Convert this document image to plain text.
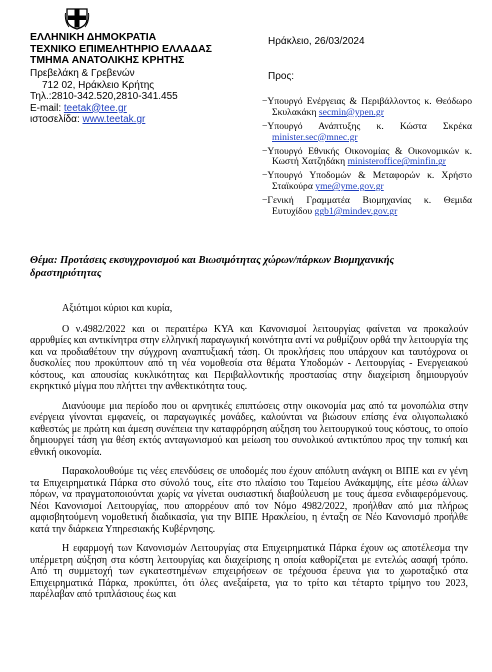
ΕΛΛΗΝΙΚΗ ΔΗΜΟΚΡΑΤΙΑ
ΤΕΧΝΙΚΟ ΕΠΙΜΕΛΗΤΗΡΙΟ ΕΛΛΑΔΑΣ
ΤΜΗΜΑ ΑΝΑΤΟΛΙΚΗΣ ΚΡΗΤΗΣ
Πρεβελάκη & Γρεβενών
712 02, Ηράκλειο Κρήτης
Τηλ.:2810-342.520,2810-341.455
E-mail: teetak@tee.gr
ιστοσελίδα: www.teetak.gr
Ηράκλειο, 26/03/2024
Προς:

−Υπουργό Ενέργειας & Περιβάλλοντος κ. Θεόδωρο Σκυλακάκη secmin@ypen.gr

−Υπουργό Ανάπτυξης κ. Κώστα Σκρέκα minister.sec@mnec.gr

−Υπουργό Εθνικής Οικονομίας & Οικονομικών κ. Κωστή Χατζηδάκη ministeroffice@minfin.gr

−Υπουργό Υποδομών & Μεταφορών κ. Χρήστο Σταϊκούρα yme@yme.gov.gr

−Γενική Γραμματέα Βιομηχανίας κ. Θεμιδα Ευτυχίδου ggb1@mindev.gov.gr

Θέμα: Προτάσεις εκσυγχρονισμού και Βιωσιμότητας χώρων/πάρκων Βιομηχανικής δραστηριότητας

Αξιότιμοι κύριοι και κυρία,

Ο ν.4982/2022 και οι περαιτέρω ΚΥΑ και Κανονισμοί λειτουργίας φαίνεται να προκαλούν αρρυθμίες και αντικίνητρα στην ελληνική παραγωγική κοινότητα αντί να ρυθμίζουν ορθά την λειτουργία της και να προδιαθέτουν την σύγχρονη αναπτυξιακή τάση. Οι προκλήσεις που υπάρχουν και ταυτόχρονα οι δυσκολίες που προκύπτουν από τη νέα νομοθεσία στα θέματα Υποδομών - Λειτουργίας - Ενεργειακού κόστους, και απουσίας κυκλικότητας και Περιβαλλοντικής προστασίας στην διαχείριση δημιουργούν εκρηκτικό μίγμα που πλήττει την ανθεκτικότητα τους.

Διανύουμε μια περίοδο που οι αρνητικές επιπτώσεις στην οικονομία μας από τα μονοπώλια στην ενέργεια γίνονται εμφανείς, οι παραγωγικές μονάδες, καλούνται να βιώσουν επίσης ένα ολιγοπωλιακό καθεστώς με πρώτη και άμεση συνέπεια την καταφρόρηση αύξηση του λειτουργικού τους κόστους, το οποίο δημιουργεί τάση για θέση εκτός ανταγωνισμού και μείωση του συνολικού αντικτύπου προς την τοπική και εθνική οικονομία.

Παρακολουθούμε τις νέες επενδύσεις σε υποδομές που έχουν απόλυτη ανάγκη οι ΒΙΠΕ και εν γένη τα Επιχειρηματικά Πάρκα στο σύνολό τους, είτε στο πλαίσιο του Ταμείου Ανάκαμψης, είτε μέσω άλλων πόρων, να πραγματοποιούνται χωρίς να γίνεται ουσιαστική διαβούλευση με τους άμεσα ενδιαφερόμενους. Νέοι Κανονισμοί Λειτουργίας, που απορρέουν από τον Νόμο 4982/2022, προήλθαν από μια πλήρως αμφισβητούμενη νομοθετική διαδικασία, για την ΒΙΠΕ Ηρακλείου, η ένταξη σε Νέο Κανονισμό προήλθε κατά την διάρκεια Υπηρεσιακής Κυβέρνησης.

Η εφαρμογή των Κανονισμών Λειτουργίας στα Επιχειρηματικά Πάρκα έχουν ως αποτέλεσμα την υπέρμετρη αύξηση στα κόστη λειτουργίας και διαχείρισης η οποία καθορίζεται με εντελώς ασαφή τρόπο. Από τη συμμετοχή των εγκατεστημένων επιχειρήσεων σε τρέχουσα έρευνα για το χωροταξικό στα Επιχειρηματικά Πάρκα, προκύπτει, ότι όλες ανεξαίρετα, για το τρίτο και τέταρτο τρίμηνο του 2023, παρέλαβαν από τριπλάσιους έως και
